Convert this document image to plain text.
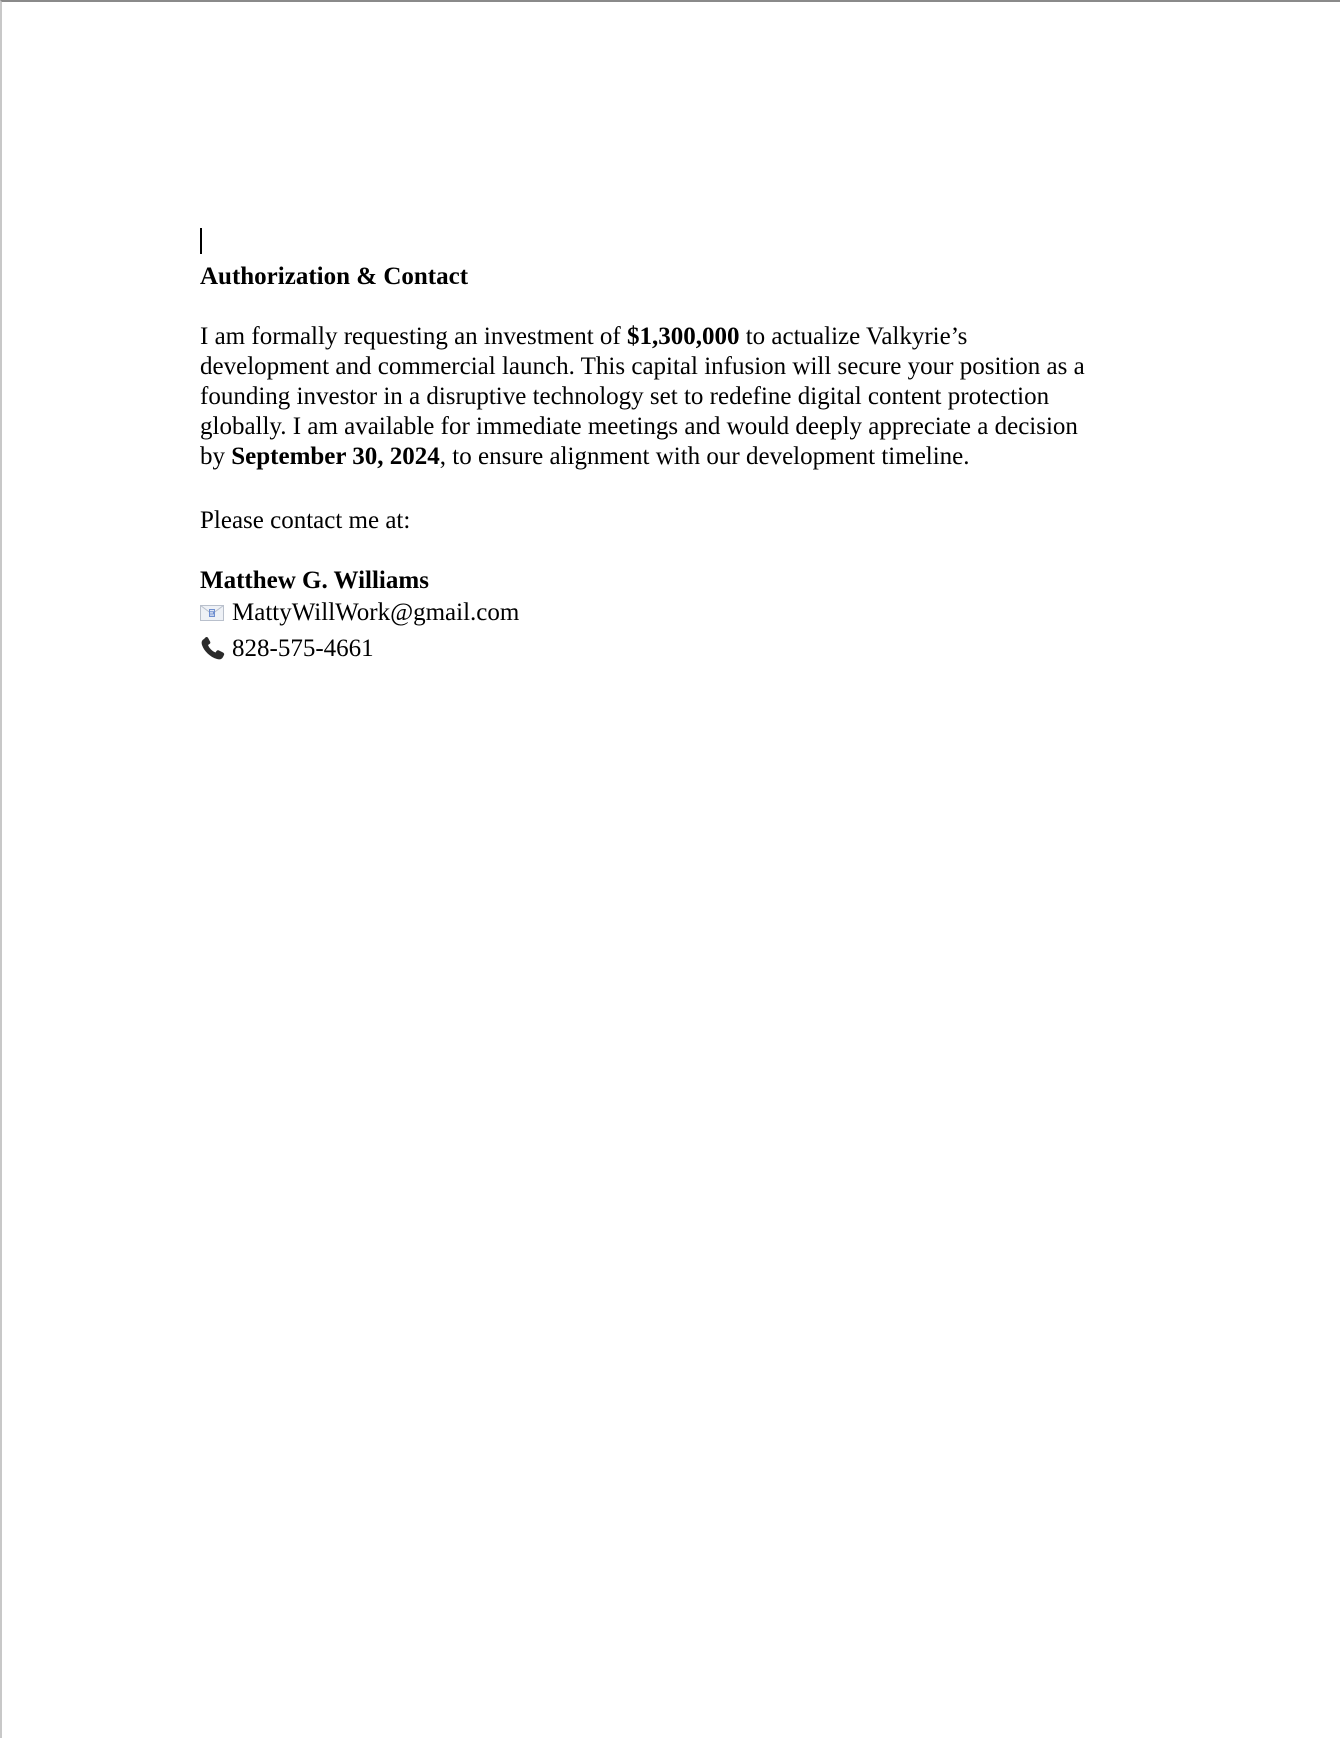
Authorization & Contact
I am formally requesting an investment of $1,300,000 to actualize Valkyrie’s
development and commercial launch. This capital infusion will secure your position as a
founding investor in a disruptive technology set to redefine digital content protection
globally. I am available for immediate meetings and would deeply appreciate a decision
by September 30, 2024, to ensure alignment with our development timeline.
Please contact me at:
Matthew G. Williams
MattyWillWork@gmail.com
828-575-4661
